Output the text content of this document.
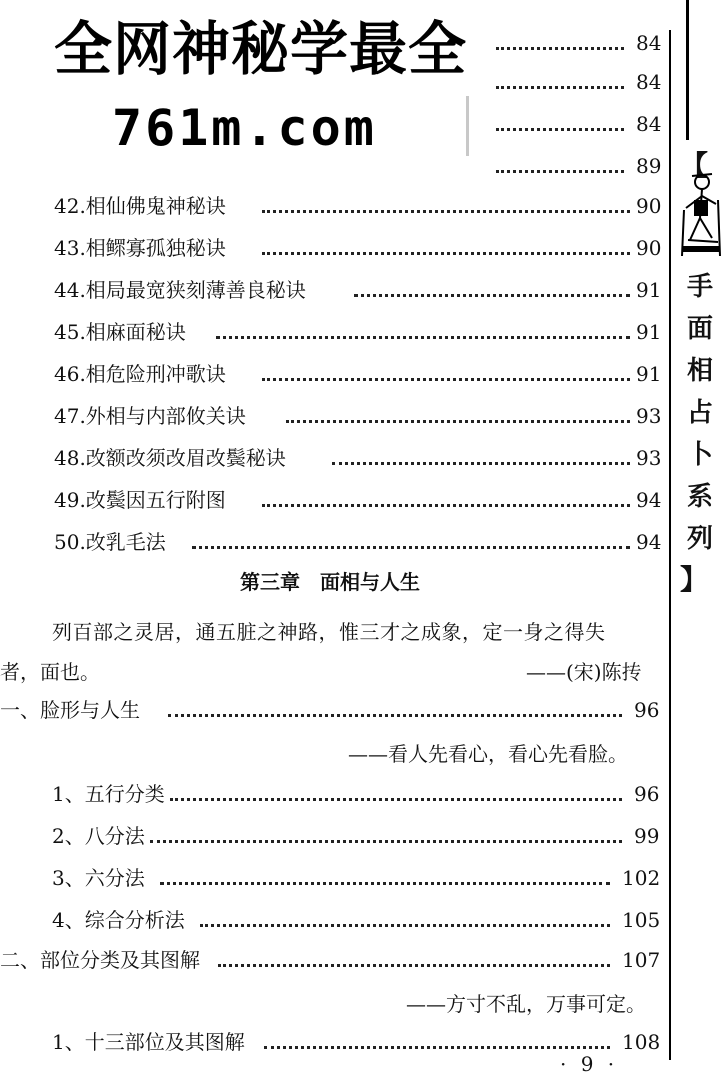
全网神秘学最全
761m.com
84
84
84
89
42.相仙佛鬼神秘诀	90
43.相鳏寡孤独秘诀	90
44.相局最宽狭刻薄善良秘诀	91
45.相麻面秘诀	91
46.相危险刑冲歌诀	91
47.外相与内部攸关诀	93
48.改额改须改眉改鬓秘诀	93
49.改鬓因五行附图	94
50.改乳毛法	94
第三章　面相与人生
列百部之灵居，通五脏之神路，惟三才之成象，定一身之得失
者，面也。	——(宋)陈抟
一、脸形与人生	96
——看人先看心，看心先看脸。
1、五行分类	96
2、八分法	99
3、六分法	102
4、综合分析法	105
二、部位分类及其图解	107
——方寸不乱，万事可定。
1、十三部位及其图解	108
· 9 ·
【
手
面
相
占
卜
系
列
】
